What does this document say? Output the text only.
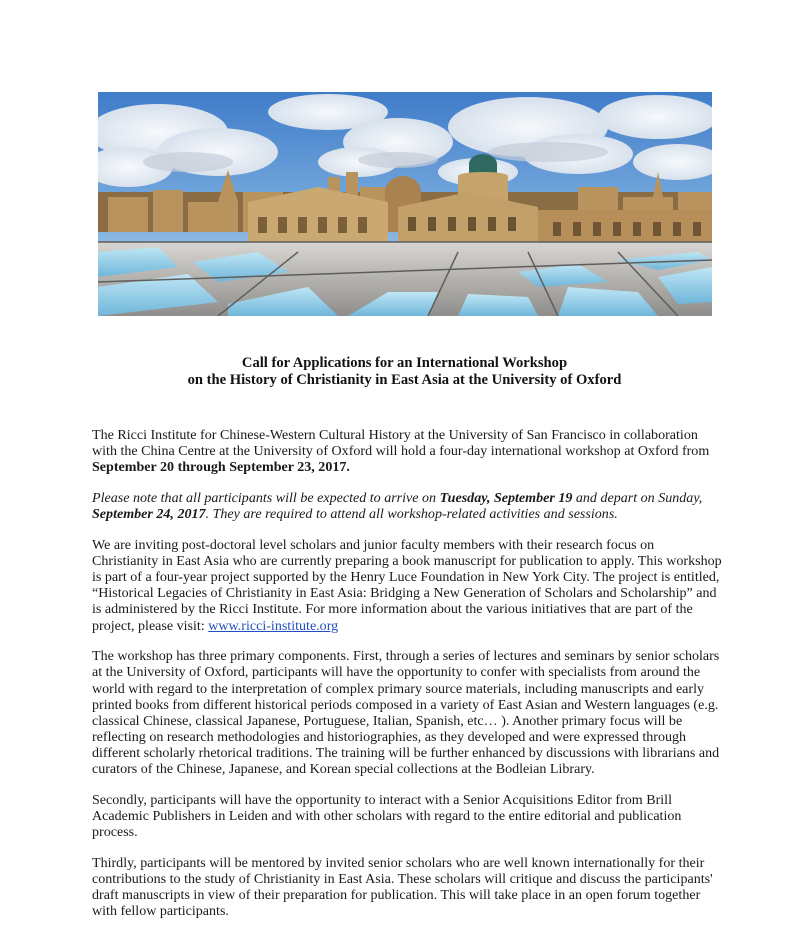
Call for Applications for an International Workshop
on the History of Christianity in East Asia at the University of Oxford

The Ricci Institute for Chinese-Western Cultural History at the University of San Francisco in collaboration with the China Centre at the University of Oxford will hold a four-day international workshop at Oxford from September 20 through September 23, 2017.

Please note that all participants will be expected to arrive on Tuesday, September 19 and depart on Sunday, September 24, 2017. They are required to attend all workshop-related activities and sessions.

We are inviting post-doctoral level scholars and junior faculty members with their research focus on Christianity in East Asia who are currently preparing a book manuscript for publication to apply. This workshop is part of a four-year project supported by the Henry Luce Foundation in New York City. The project is entitled, “Historical Legacies of Christianity in East Asia: Bridging a New Generation of Scholars and Scholarship” and is administered by the Ricci Institute. For more information about the various initiatives that are part of the project, please visit: www.ricci-institute.org

The workshop has three primary components. First, through a series of lectures and seminars by senior scholars at the University of Oxford, participants will have the opportunity to confer with specialists from around the world with regard to the interpretation of complex primary source materials, including manuscripts and early printed books from different historical periods composed in a variety of East Asian and Western languages (e.g. classical Chinese, classical Japanese, Portuguese, Italian, Spanish, etc… ). Another primary focus will be reflecting on research methodologies and historiographies, as they developed and were expressed through different scholarly rhetorical traditions. The training will be further enhanced by discussions with librarians and curators of the Chinese, Japanese, and Korean special collections at the Bodleian Library.

Secondly, participants will have the opportunity to interact with a Senior Acquisitions Editor from Brill Academic Publishers in Leiden and with other scholars with regard to the entire editorial and publication process.

Thirdly, participants will be mentored by invited senior scholars who are well known internationally for their contributions to the study of Christianity in East Asia. These scholars will critique and discuss the participants' draft manuscripts in view of their preparation for publication. This will take place in an open forum together with fellow participants.
